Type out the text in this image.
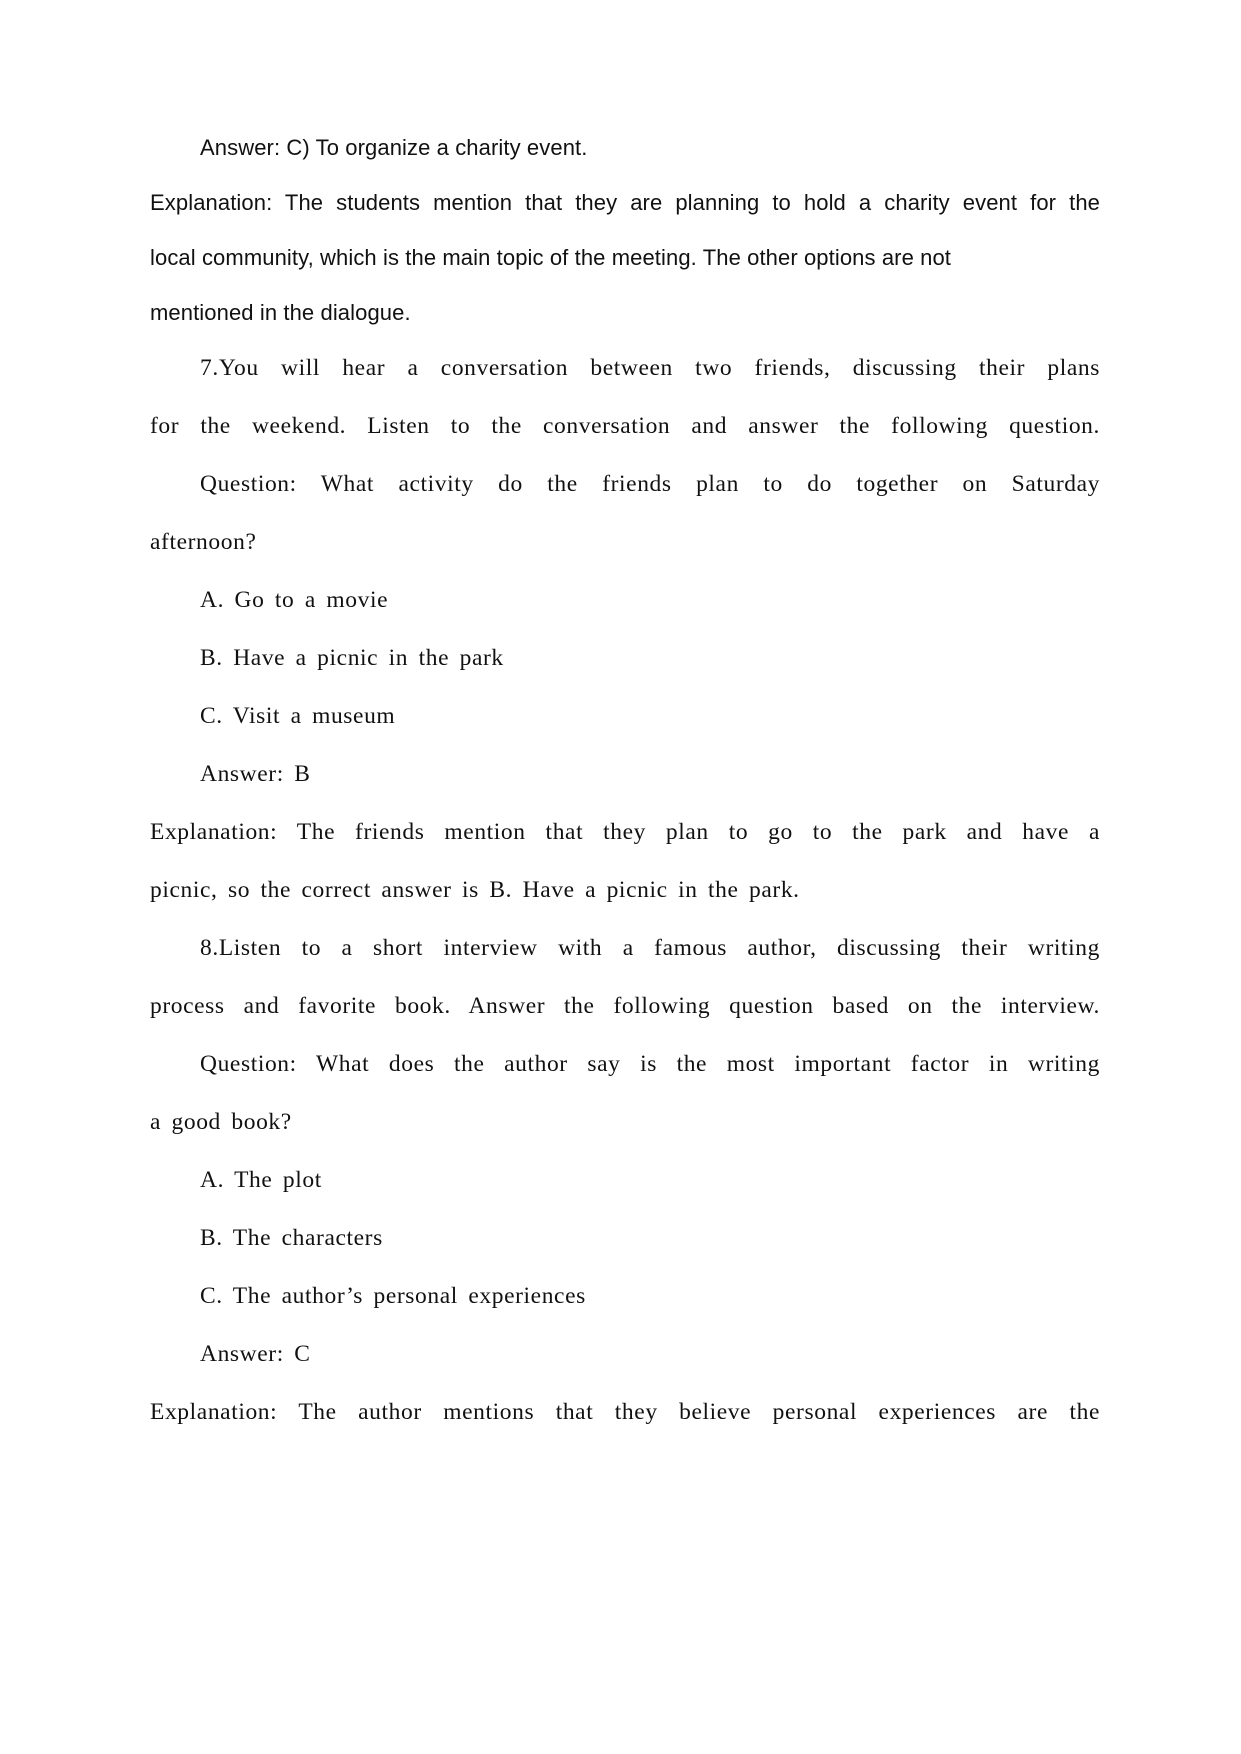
Answer: C) To organize a charity event.

Explanation: The students mention that they are planning to hold a charity event for the

local community, which is the main topic of the meeting. The other options are not

mentioned in the dialogue.

7.You will hear a conversation between two friends, discussing their plans

for the weekend. Listen to the conversation and answer the following question.

Question: What activity do the friends plan to do together on Saturday

afternoon?

A. Go to a movie

B. Have a picnic in the park

C. Visit a museum

Answer: B

Explanation: The friends mention that they plan to go to the park and have a

picnic, so the correct answer is B. Have a picnic in the park.

8.Listen to a short interview with a famous author, discussing their writing

process and favorite book. Answer the following question based on the interview.

Question: What does the author say is the most important factor in writing

a good book?

A. The plot

B. The characters

C. The author’s personal experiences

Answer: C

Explanation: The author mentions that they believe personal experiences are the
